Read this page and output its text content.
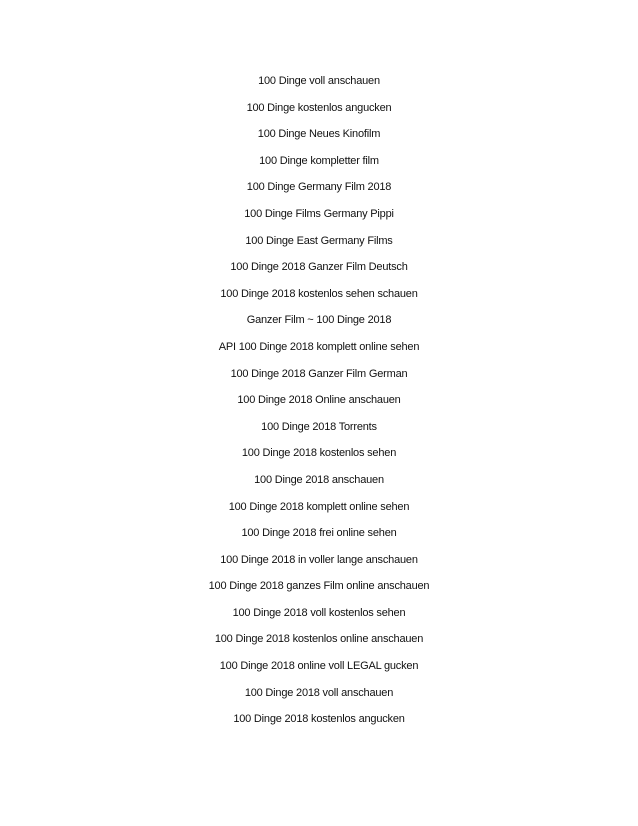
100 Dinge voll anschauen
100 Dinge kostenlos angucken
100 Dinge Neues Kinofilm
100 Dinge kompletter film
100 Dinge Germany Film 2018
100 Dinge Films Germany Pippi
100 Dinge East Germany Films
100 Dinge 2018 Ganzer Film Deutsch
100 Dinge 2018 kostenlos sehen schauen
Ganzer Film ~ 100 Dinge 2018
API 100 Dinge 2018 komplett online sehen
100 Dinge 2018 Ganzer Film German
100 Dinge 2018 Online anschauen
100 Dinge 2018 Torrents
100 Dinge 2018 kostenlos sehen
100 Dinge 2018 anschauen
100 Dinge 2018 komplett online sehen
100 Dinge 2018 frei online sehen
100 Dinge 2018 in voller lange anschauen
100 Dinge 2018 ganzes Film online anschauen
100 Dinge 2018 voll kostenlos sehen
100 Dinge 2018 kostenlos online anschauen
100 Dinge 2018 online voll LEGAL gucken
100 Dinge 2018 voll anschauen
100 Dinge 2018 kostenlos angucken
